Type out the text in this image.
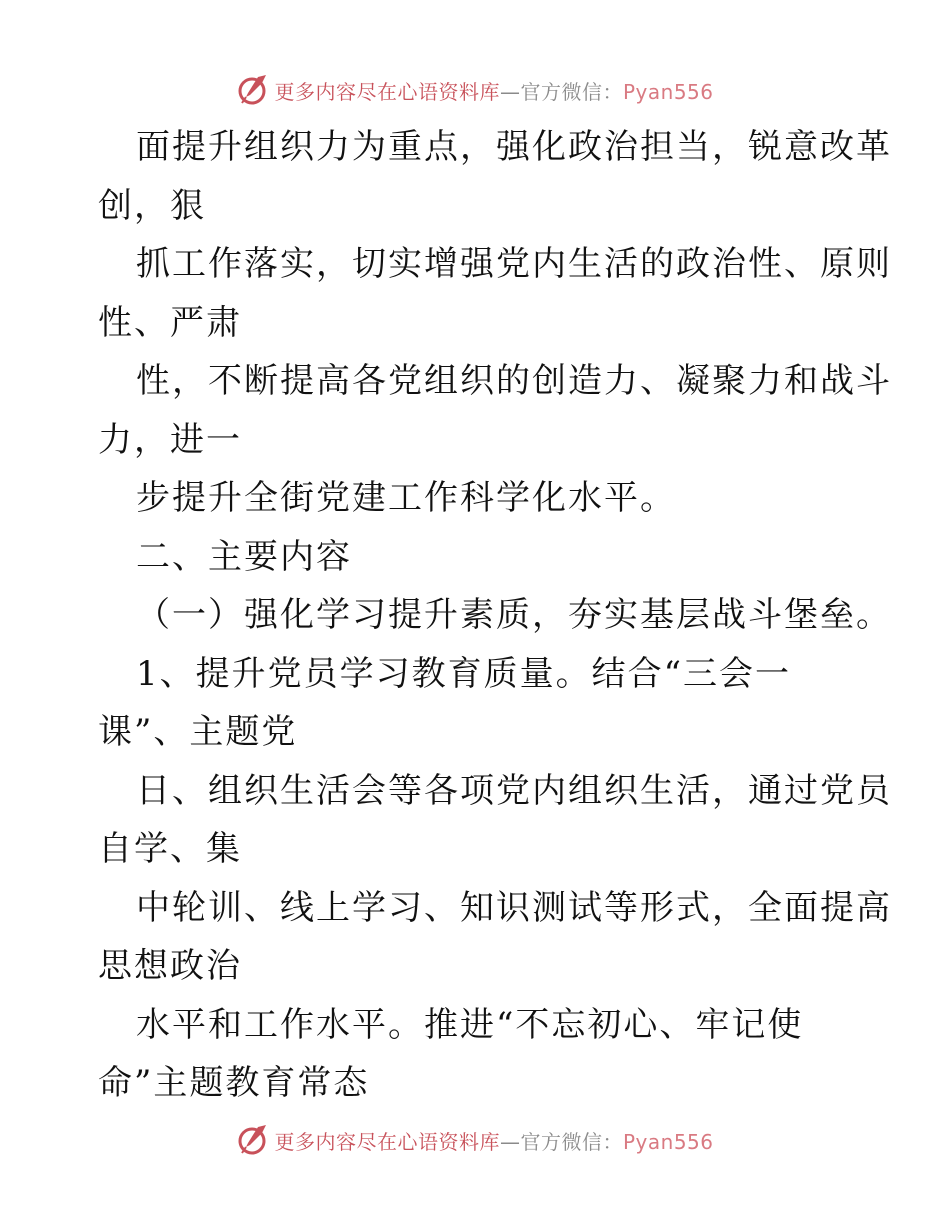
更多内容尽在心语资料库—官方微信：Pyan556
面提升组织力为重点，强化政治担当，锐意改革
创，狠
抓工作落实，切实增强党内生活的政治性、原则
性、严肃
性，不断提高各党组织的创造力、凝聚力和战斗
力，进一
步提升全街党建工作科学化水平。
二、主要内容
（一）强化学习提升素质，夯实基层战斗堡垒。
1、提升党员学习教育质量。结合“三会一
课”、主题党
日、组织生活会等各项党内组织生活，通过党员
自学、集
中轮训、线上学习、知识测试等形式，全面提高
思想政治
水平和工作水平。推进“不忘初心、牢记使
命”主题教育常态
更多内容尽在心语资料库—官方微信：Pyan556
